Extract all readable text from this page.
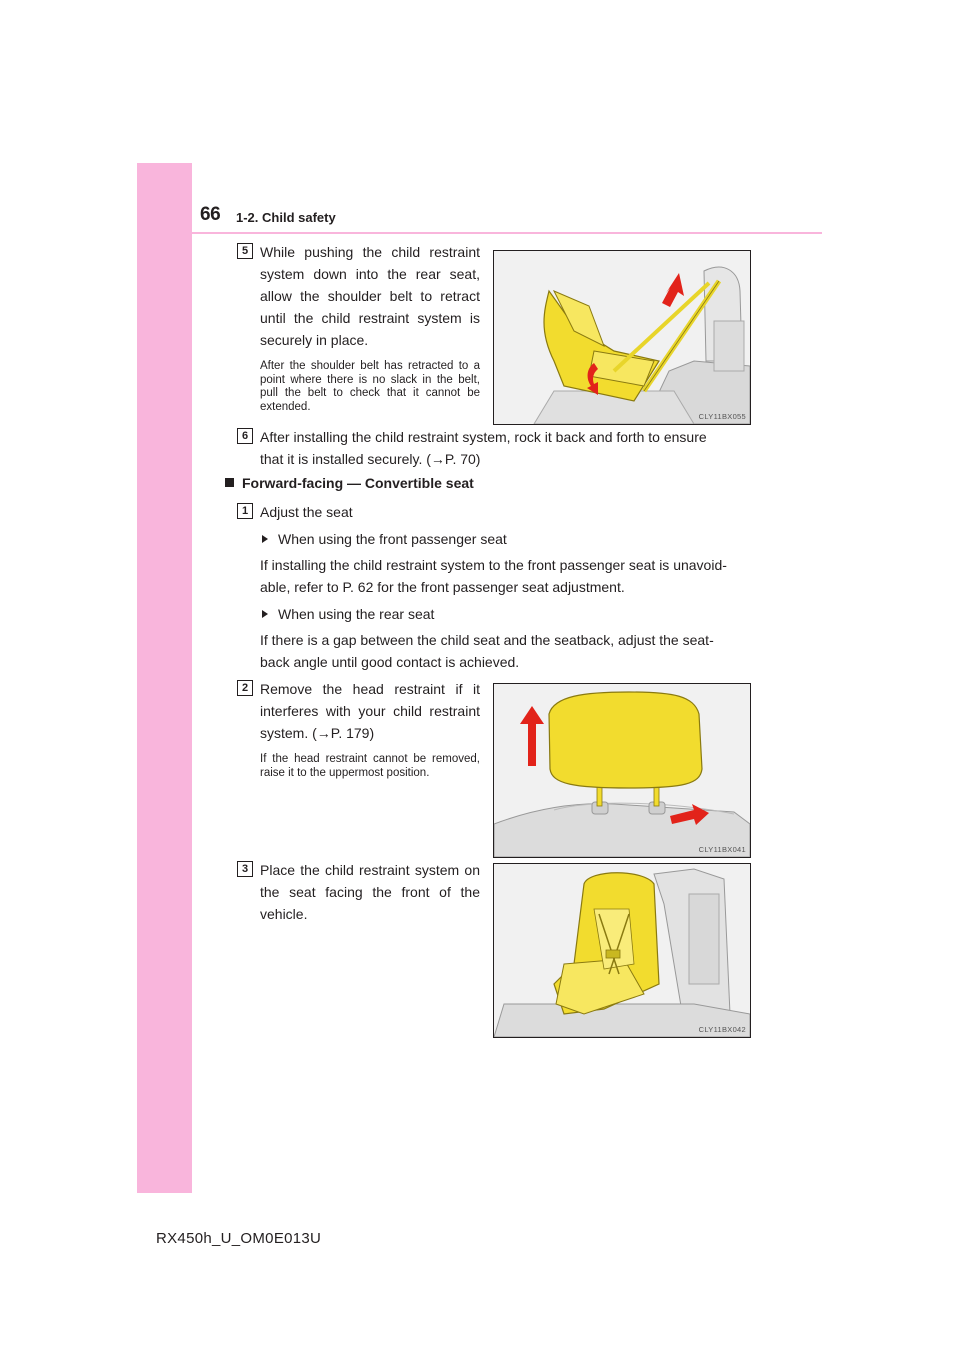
66 1-2. Child safety
5 While pushing the child restraint system down into the rear seat, allow the shoulder belt to retract until the child restraint system is securely in place.
After the shoulder belt has retracted to a point where there is no slack in the belt, pull the belt to check that it cannot be extended.
CLY11BX055
6 After installing the child restraint system, rock it back and forth to ensure
that it is installed securely. (→P. 70)
Forward-facing — Convertible seat
1 Adjust the seat
When using the front passenger seat
If installing the child restraint system to the front passenger seat is unavoid-
able, refer to P. 62 for the front passenger seat adjustment.
When using the rear seat
If there is a gap between the child seat and the seatback, adjust the seat-
back angle until good contact is achieved.
2 Remove the head restraint if it interferes with your child restraint system. (→P. 179)
If the head restraint cannot be removed, raise it to the uppermost position.
CLY11BX041
3 Place the child restraint system on the seat facing the front of the vehicle.
CLY11BX042
RX450h_U_OM0E013U
